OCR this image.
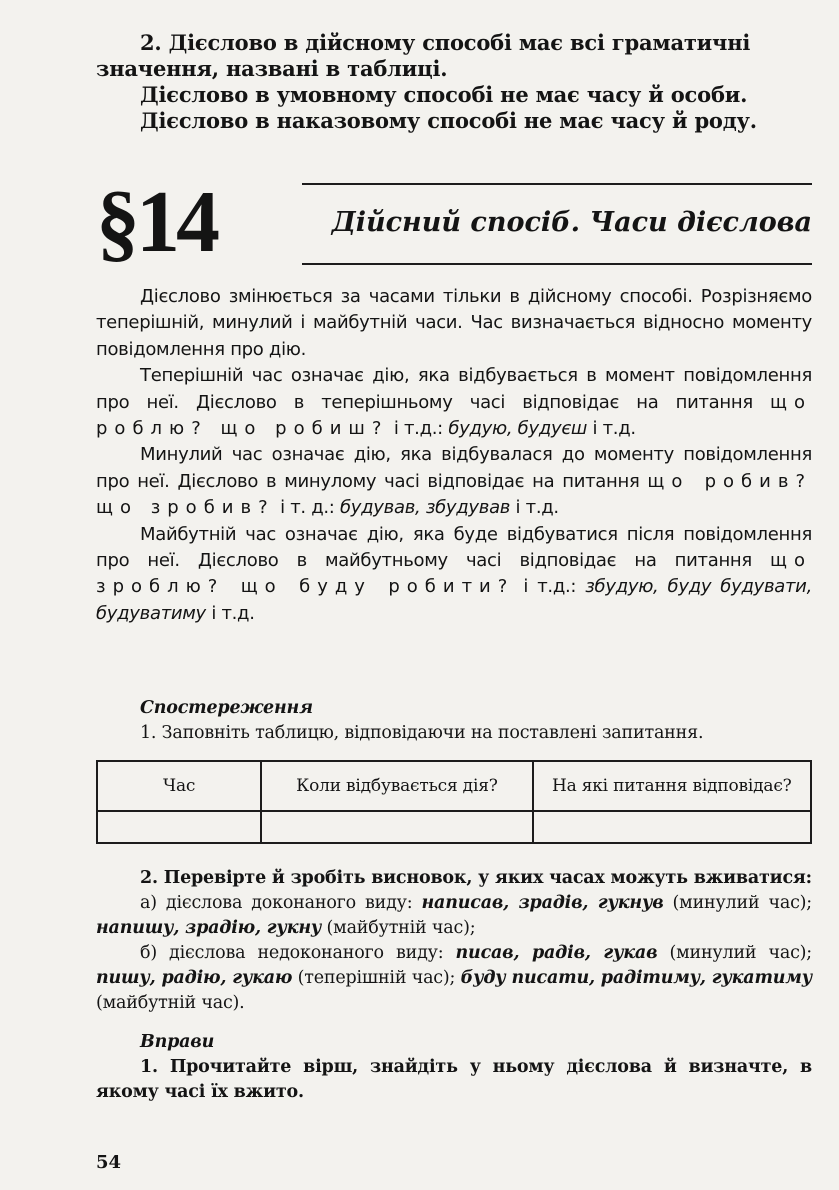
2. Дієслово в дійсному способі має всі граматичні значення, названі в таблиці.

Дієслово в умовному способі не має часу й особи.

Дієслово в наказовому способі не має часу й роду.

§14	Дійсний спосіб. Часи дієслова

Дієслово змінюється за часами тільки в дійсному способі. Розрізняємо теперішній, минулий і майбутній часи. Час визначається відносно моменту повідомлення про дію.

Теперішній час означає дію, яка відбувається в момент повідомлення про неї. Дієслово в теперішньому часі відповідає на питання що роблю? що робиш? і т.д.: будую, будуєш і т.д.

Минулий час означає дію, яка відбувалася до моменту повідомлення про неї. Дієслово в минулому часі відповідає на питання що робив? що зробив? і т. д.: будував, збудував і т.д.

Майбутній час означає дію, яка буде відбуватися після повідомлення про неї. Дієслово в майбутньому часі відповідає на питання що зроблю? що буду робити? і т.д.: збудую, буду будувати, будуватиму і т.д.

Спостереження

1. Заповніть таблицю, відповідаючи на поставлені запитання.

Час	Коли відбувається дія?	На які питання відповідає?

2. Перевірте й зробіть висновок, у яких часах можуть вживатися:

а) дієслова доконаного виду: написав, зрадів, гукнув (минулий час); напишу, зрадію, гукну (майбутній час);

б) дієслова недоконаного виду: писав, радів, гукав (минулий час); пишу, радію, гукаю (теперішній час); буду писати, радітиму, гукатиму (майбутній час).

Вправи

1. Прочитайте вірш, знайдіть у ньому дієслова й визначте, в якому часі їх вжито.

54
